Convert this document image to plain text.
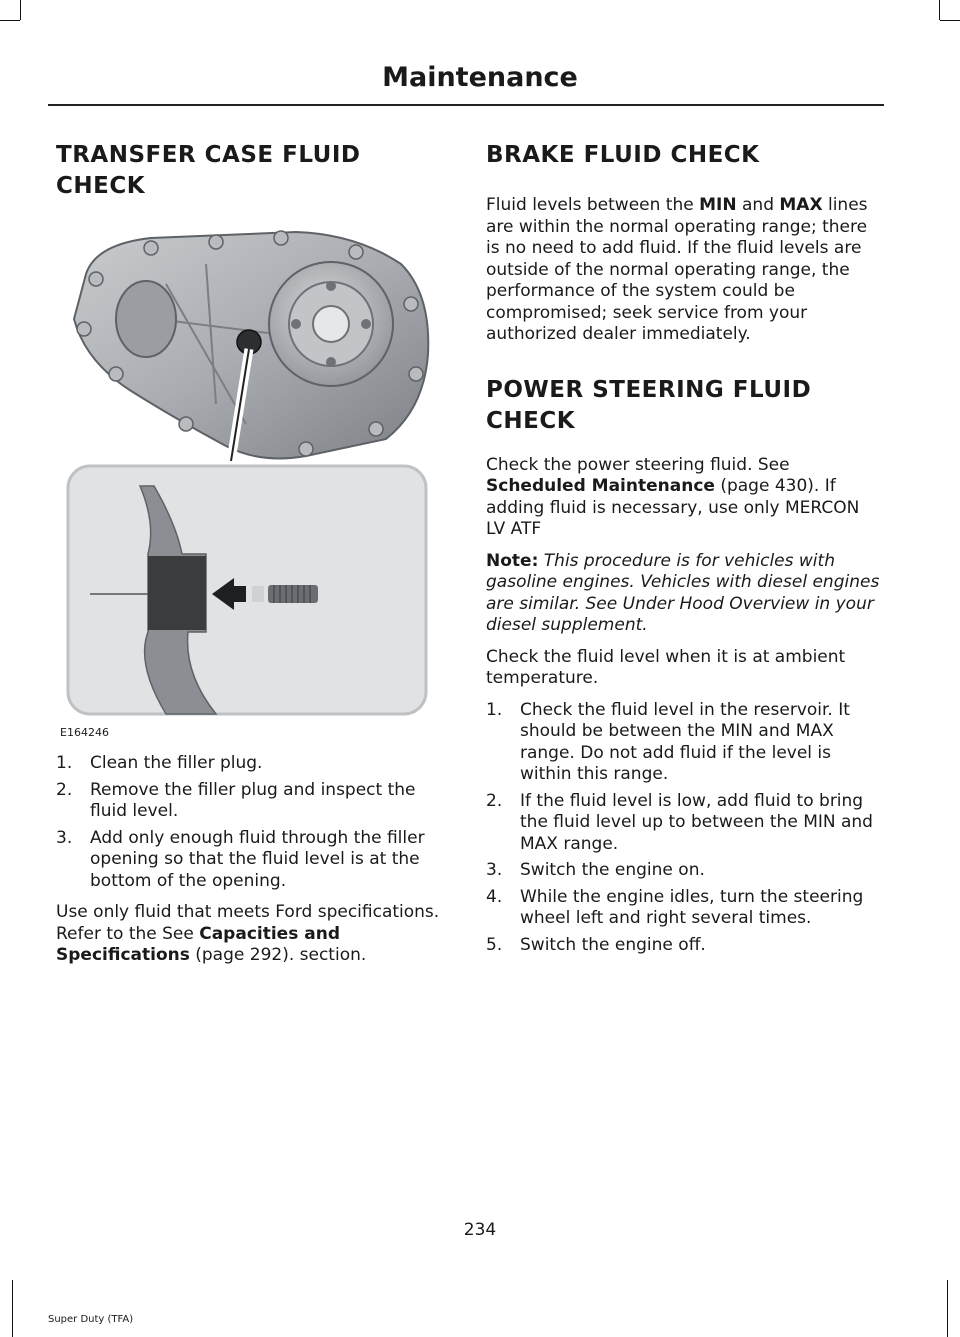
Maintenance
TRANSFER CASE FLUID
CHECK
E164246
1. Clean the filler plug.
2. Remove the filler plug and inspect the fluid level.
3. Add only enough fluid through the filler opening so that the fluid level is at the bottom of the opening.

Use only fluid that meets Ford specifications. Refer to the See Capacities and Specifications (page 292). section.

BRAKE FLUID CHECK

Fluid levels between the MIN and MAX lines are within the normal operating range; there is no need to add fluid. If the fluid levels are outside of the normal operating range, the performance of the system could be compromised; seek service from your authorized dealer immediately.

POWER STEERING FLUID
CHECK

Check the power steering fluid. See Scheduled Maintenance (page 430). If adding fluid is necessary, use only MERCON LV ATF

Note: This procedure is for vehicles with gasoline engines. Vehicles with diesel engines are similar. See Under Hood Overview in your diesel supplement.

Check the fluid level when it is at ambient temperature.

1. Check the fluid level in the reservoir. It should be between the MIN and MAX range. Do not add fluid if the level is within this range.
2. If the fluid level is low, add fluid to bring the fluid level up to between the MIN and MAX range.
3. Switch the engine on.
4. While the engine idles, turn the steering wheel left and right several times.
5. Switch the engine off.
234
Super Duty (TFA)
